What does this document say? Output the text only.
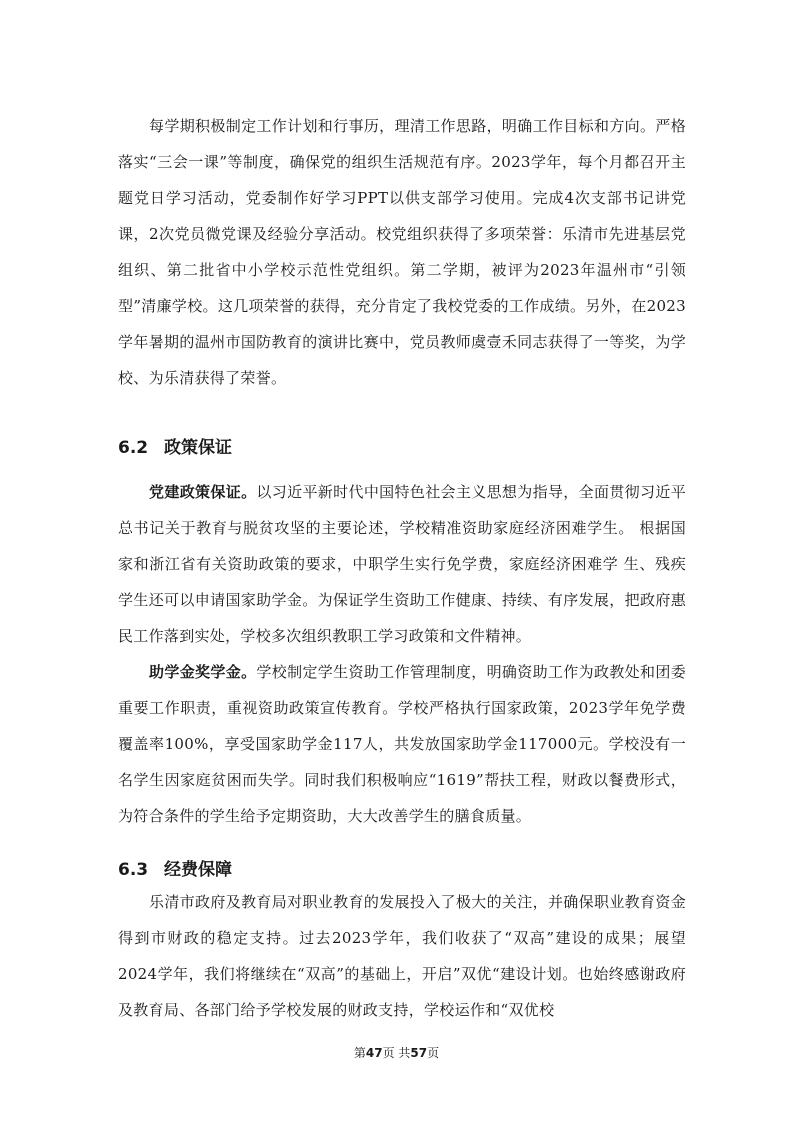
每学期积极制定工作计划和行事历，理清工作思路，明确工作目标和方向。严格落实“三会一课”等制度，确保党的组织生活规范有序。2023学年，每个月都召开主题党日学习活动，党委制作好学习PPT以供支部学习使用。完成4次支部书记讲党课，2次党员微党课及经验分享活动。校党组织获得了多项荣誉：乐清市先进基层党组织、第二批省中小学校示范性党组织。第二学期，被评为2023年温州市“引领型”清廉学校。这几项荣誉的获得，充分肯定了我校党委的工作成绩。另外，在2023学年暑期的温州市国防教育的演讲比赛中，党员教师虞壹禾同志获得了一等奖，为学校、为乐清获得了荣誉。

6.2 政策保证

党建政策保证。以习近平新时代中国特色社会主义思想为指导，全面贯彻习近平总书记关于教育与脱贫攻坚的主要论述，学校精准资助家庭经济困难学生。 根据国家和浙江省有关资助政策的要求，中职学生实行免学费，家庭经济困难学 生、残疾学生还可以申请国家助学金。为保证学生资助工作健康、持续、有序发展，把政府惠民工作落到实处，学校多次组织教职工学习政策和文件精神。

助学金奖学金。学校制定学生资助工作管理制度，明确资助工作为政教处和团委重要工作职责，重视资助政策宣传教育。学校严格执行国家政策，2023学年免学费覆盖率100%，享受国家助学金117人，共发放国家助学金117000元。学校没有一名学生因家庭贫困而失学。同时我们积极响应“1619”帮扶工程，财政以餐费形式，为符合条件的学生给予定期资助，大大改善学生的膳食质量。

6.3 经费保障

乐清市政府及教育局对职业教育的发展投入了极大的关注，并确保职业教育资金得到市财政的稳定支持。过去2023学年，我们收获了“双高”建设的成果；展望2024学年，我们将继续在“双高”的基础上，开启”双优“建设计划。也始终感谢政府及教育局、各部门给予学校发展的财政支持，学校运作和“双优校

第47页 共57页
